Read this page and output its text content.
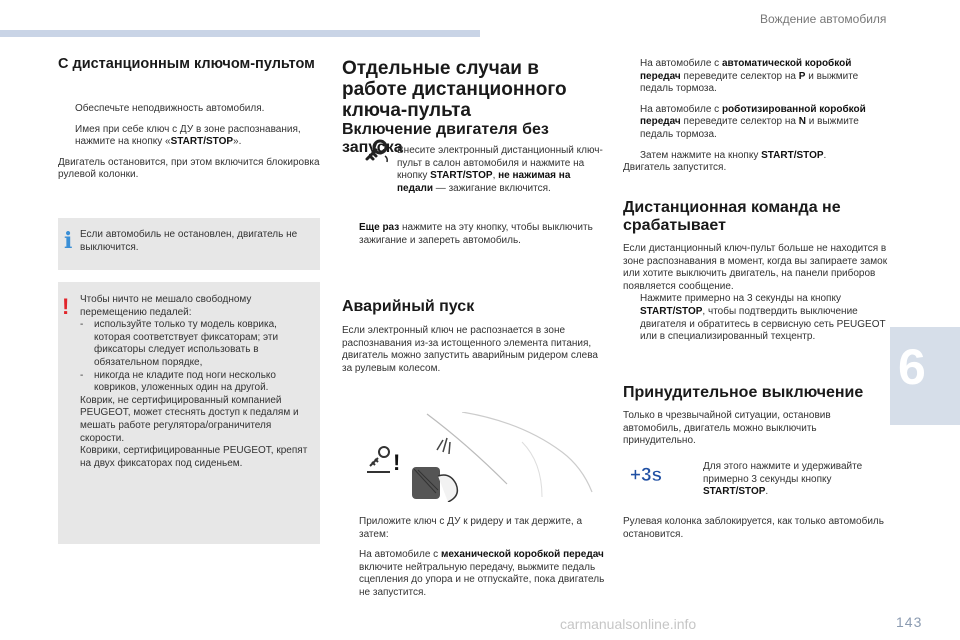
Вождение автомобиля
6
carmanualsonline.info	143
С дистанционным ключом-пультом
Обеспечьте неподвижность автомобиля.
Имея при себе ключ с ДУ в зоне распознавания, нажмите на кнопку «START/STOP».
Двигатель остановится, при этом включится блокировка рулевой колонки.
i Если автомобиль не остановлен, двигатель не выключится.
! Чтобы ничто не мешало свободному перемещению педалей:
- используйте только ту модель коврика, которая соответствует фиксаторам; эти фиксаторы следует использовать в обязательном порядке,
- никогда не кладите под ноги несколько ковриков, уложенных один на другой.
Коврик, не сертифицированный компанией PEUGEOT, может стеснять доступ к педалям и мешать работе регулятора/ограничителя скорости.
Коврики, сертифицированные PEUGEOT, крепят на двух фиксаторах под сиденьем.
Отдельные случаи в работе дистанционного ключа-пульта
Включение двигателя без запуска
Внесите электронный дистанционный ключ-пульт в салон автомобиля и нажмите на кнопку START/STOP, не нажимая на педали — зажигание включится.
Еще раз нажмите на эту кнопку, чтобы выключить зажигание и запереть автомобиль.
Аварийный пуск
Если электронный ключ не распознается в зоне распознавания из-за истощенного элемента питания, двигатель можно запустить аварийным ридером слева за рулевым колесом.
!
Приложите ключ с ДУ к ридеру и так держите, а затем:
На автомобиле с механической коробкой передач включите нейтральную передачу, выжмите педаль сцепления до упора и не отпускайте, пока двигатель не запустится.
На автомобиле с автоматической коробкой передач переведите селектор на P и выжмите педаль тормоза.
На автомобиле с роботизированной коробкой передач переведите селектор на N и выжмите педаль тормоза.
Затем нажмите на кнопку START/STOP.
Двигатель запустится.
Дистанционная команда не срабатывает
Если дистанционный ключ-пульт больше не находится в зоне распознавания в момент, когда вы запираете замок или хотите выключить двигатель, на панели приборов появляется сообщение.
Нажмите примерно на 3 секунды на кнопку START/STOP, чтобы подтвердить выключение двигателя и обратитесь в сервисную сеть PEUGEOT или в специализированный техцентр.
Принудительное выключение
Только в чрезвычайной ситуации, остановив автомобиль, двигатель можно выключить принудительно.
+3s	Для этого нажмите и удерживайте примерно 3 секунды кнопку START/STOP.
Рулевая колонка заблокируется, как только автомобиль остановится.
